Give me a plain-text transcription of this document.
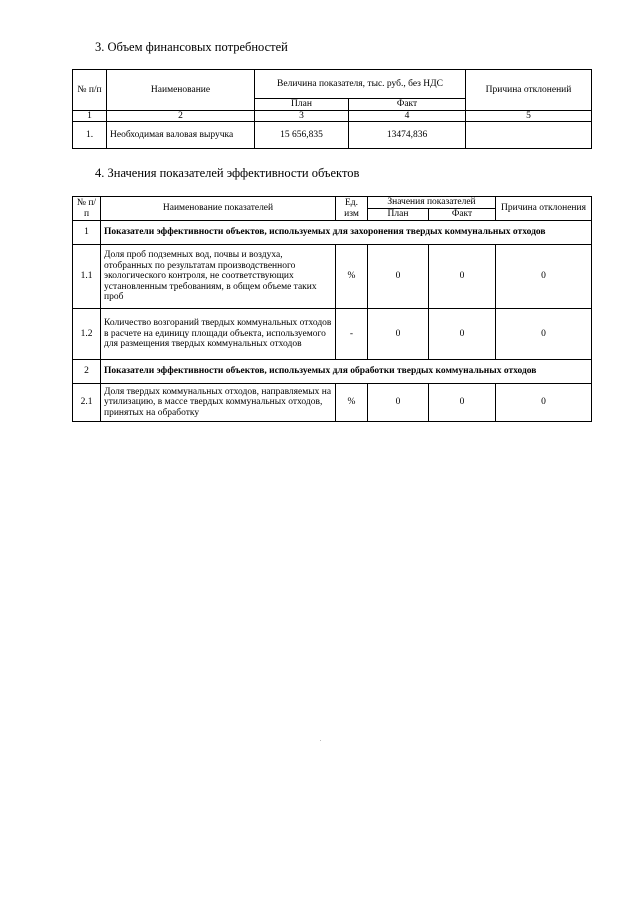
3. Объем финансовых потребностей
№ п/п	Наименование	Величина показателя, тыс. руб., без НДС		Причина отклонений
		План	Факт	
1	2	3	4	5
1.	Необходимая валовая выручка	15 656,835	13474,836	
4. Значения показателей эффективности объектов
№ п/п	Наименование показателей	Ед. изм	Значения показателей		Причина отклонения
			План	Факт	
1	Показатели эффективности объектов, используемых для захоронения твердых коммунальных отходов				
1.1	Доля проб подземных вод, почвы и воздуха, отобранных по результатам производственного экологического контроля, не соответствующих установленным требованиям, в общем объеме таких проб	%	0	0	0
1.2	Количество возгораний твердых коммунальных отходов в расчете на единицу площади объекта, используемого для размещения твердых коммунальных отходов	-	0	0	0
2	Показатели эффективности объектов, используемых для обработки твердых коммунальных отходов				
2.1	Доля твердых коммунальных отходов, направляемых на утилизацию, в массе твердых коммунальных отходов, принятых на обработку	%	0	0	0
